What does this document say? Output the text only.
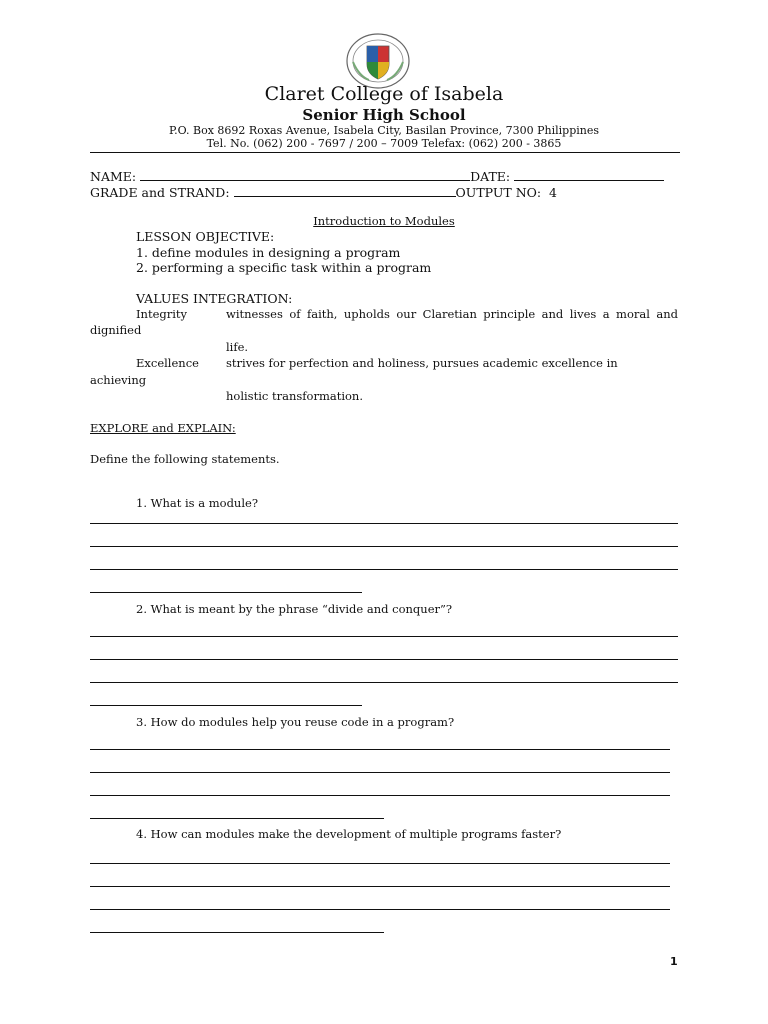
Claret College of Isabela
Senior High School
P.O. Box 8692 Roxas Avenue, Isabela City, Basilan Province, 7300 Philippines
Tel. No. (062) 200 - 7697 / 200 – 7009 Telefax: (062) 200 - 3865
NAME:	DATE:
GRADE and STRAND:	OUTPUT NO: 4
Introduction to Modules
LESSON OBJECTIVE:
1. define modules in designing a program
2. performing a specific task within a program
VALUES INTEGRATION:
Integrity	witnesses of faith, upholds our Claretian principle and lives a moral and
dignified
life.
Excellence strives for perfection and holiness, pursues academic excellence in
achieving
holistic transformation.
EXPLORE and EXPLAIN:
Define the following statements.
1. What is a module?
2. What is meant by the phrase “divide and conquer”?
3. How do modules help you reuse code in a program?
4. How can modules make the development of multiple programs faster?
1
